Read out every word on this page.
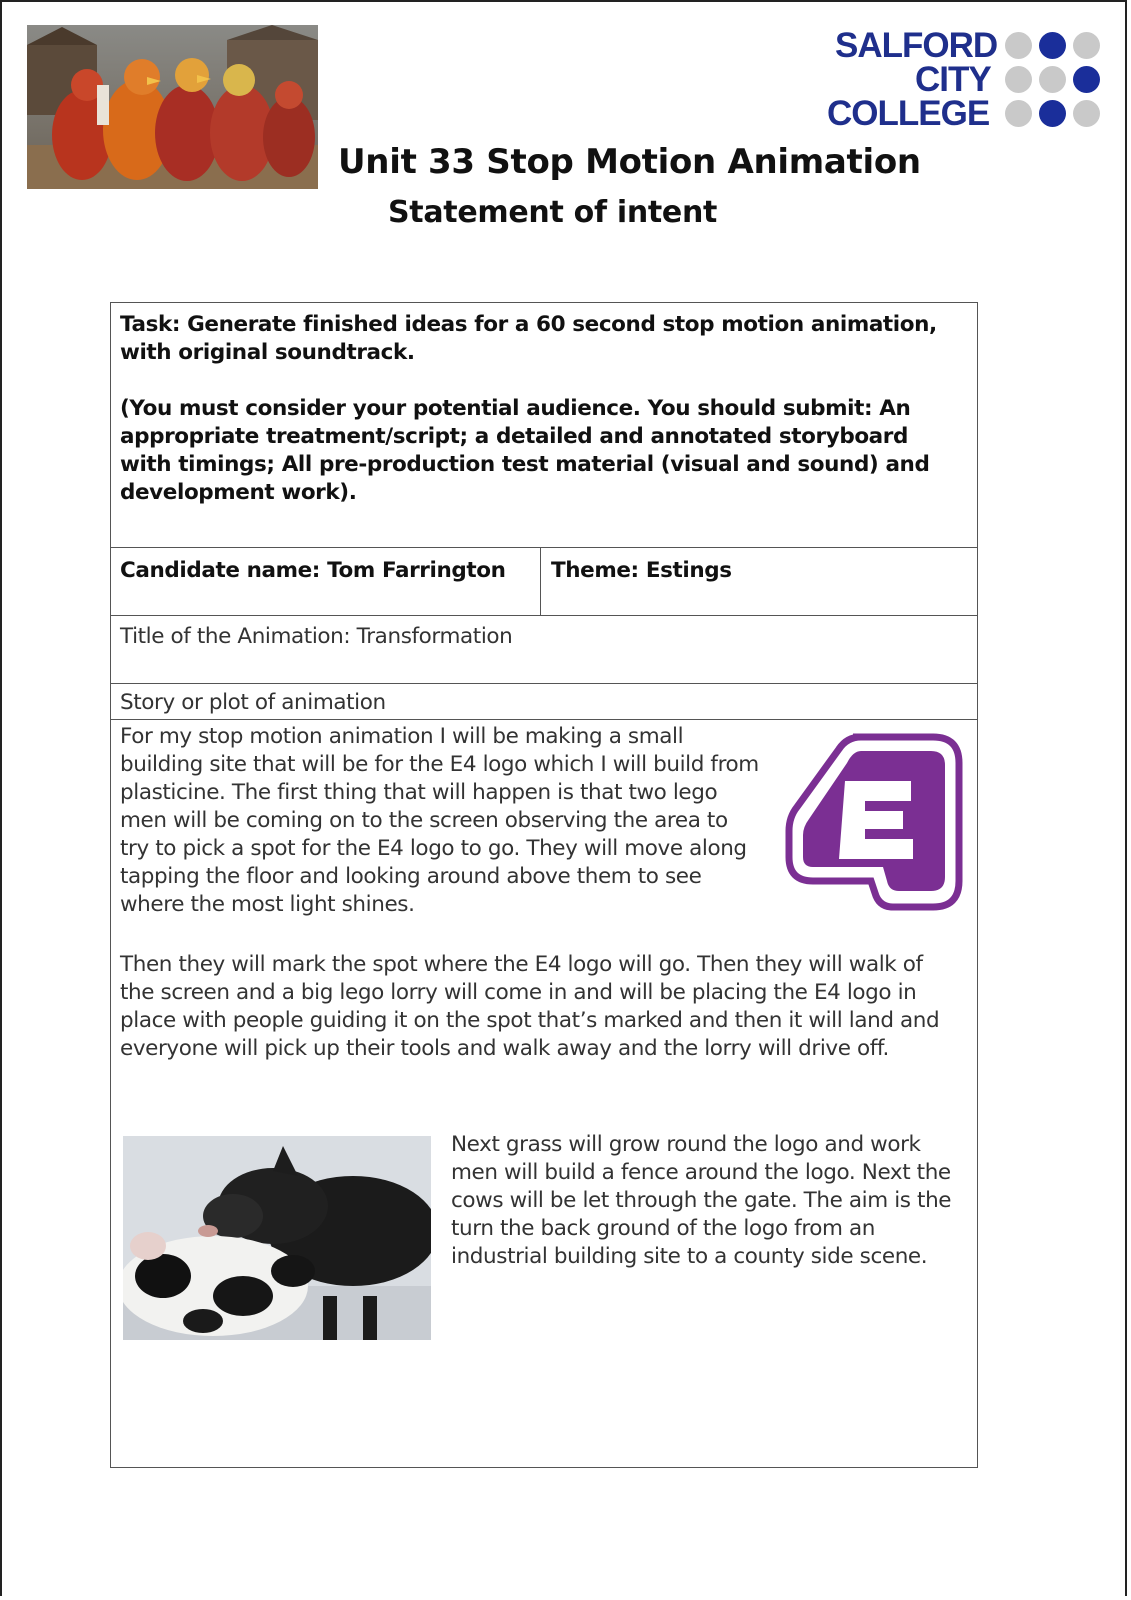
SALFORD
CITY
COLLEGE
Unit 33 Stop Motion Animation
Statement of intent

Task: Generate finished ideas for a 60 second stop motion animation, with original soundtrack.

(You must consider your potential audience. You should submit: An appropriate treatment/script; a detailed and annotated storyboard with timings; All pre-production test material (visual and sound) and development work).

Candidate name: Tom Farrington Theme: Estings

Title of the Animation: Transformation

Story or plot of animation

For my stop motion animation I will be making a small building site that will be for the E4 logo which I will build from plasticine. The first thing that will happen is that two lego men will be coming on to the screen observing the area to try to pick a spot for the E4 logo to go. They will move along tapping the floor and looking around above them to see where the most light shines.

Then they will mark the spot where the E4 logo will go. Then they will walk of the screen and a big lego lorry will come in and will be placing the E4 logo in place with people guiding it on the spot that’s marked and then it will land and everyone will pick up their tools and walk away and the lorry will drive off.

Next grass will grow round the logo and work men will build a fence around the logo. Next the cows will be let through the gate. The aim is the turn the back ground of the logo from an industrial building site to a county side scene.
